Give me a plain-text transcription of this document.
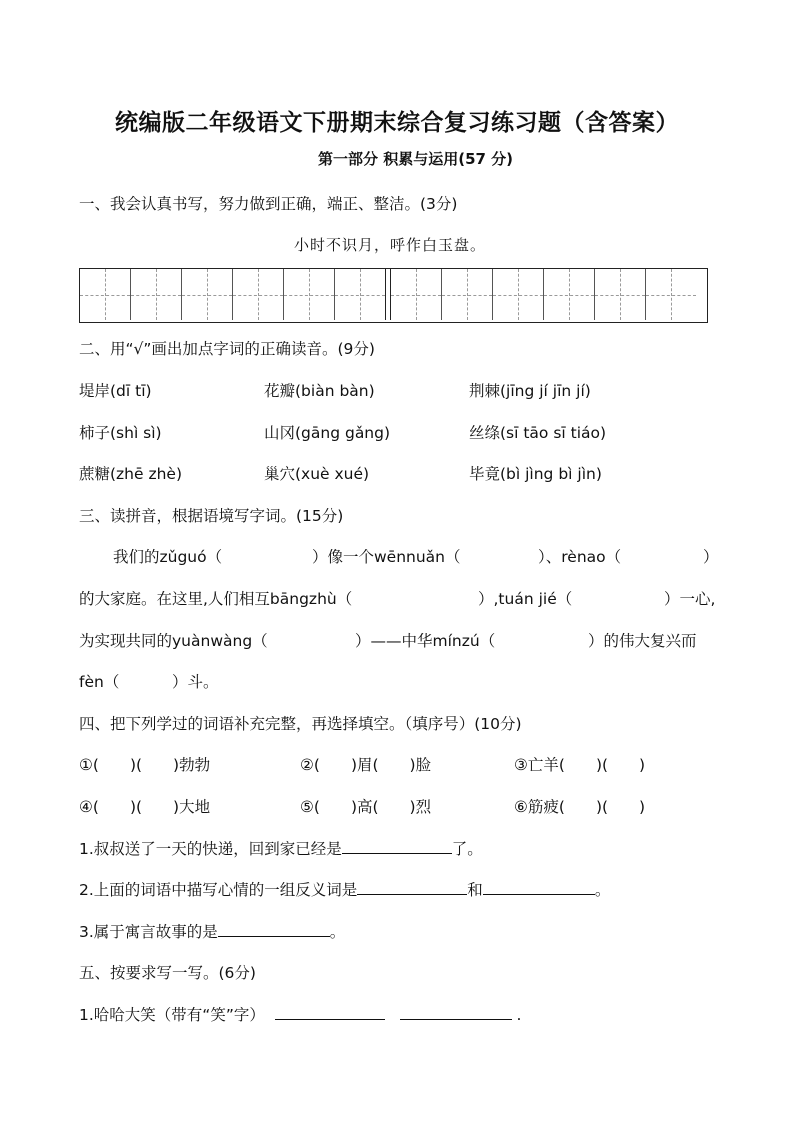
统编版二年级语文下册期末综合复习练习题（含答案）
第一部分 积累与运用(57 分)
一、我会认真书写，努力做到正确，端正、整洁。(3分)
小时不识月，呼作白玉盘。
二、用“√”画出加点字词的正确读音。(9分)
堤岸(dī tī)	花瓣(biàn bàn)	荆棘(jīng jí jīn jí)
柿子(shì sì)	山冈(gāng gǎng)	丝绦(sī tāo sī tiáo)
蔗糖(zhē zhè)	巢穴(xuè xué)	毕竟(bì jìng bì jìn)
三、读拼音，根据语境写字词。(15分)
我们的zǔguó（	）像一个wēnnuǎn（	）、rènao（	）
的大家庭。在这里,人们相互bāngzhù（	）,tuán jié（	）一心,
为实现共同的yuànwàng（	）——中华mínzú（	）的伟大复兴而
fèn（	）斗。
四、把下列学过的词语补充完整，再选择填空。（填序号）(10分)
①(　　)(　　)勃勃	②(　　)眉(　　)脸	③亡羊(　　)(　　)
④(　　)(　　)大地	⑤(　　)高(　　)烈	⑥筋疲(　　)(　　)
1.叔叔送了一天的快递，回到家已经是	了。
2.上面的词语中描写心情的一组反义词是	和	。
3.属于寓言故事的是	。
五、按要求写一写。(6分)
1.哈哈大笑（带有“笑”字）	.
